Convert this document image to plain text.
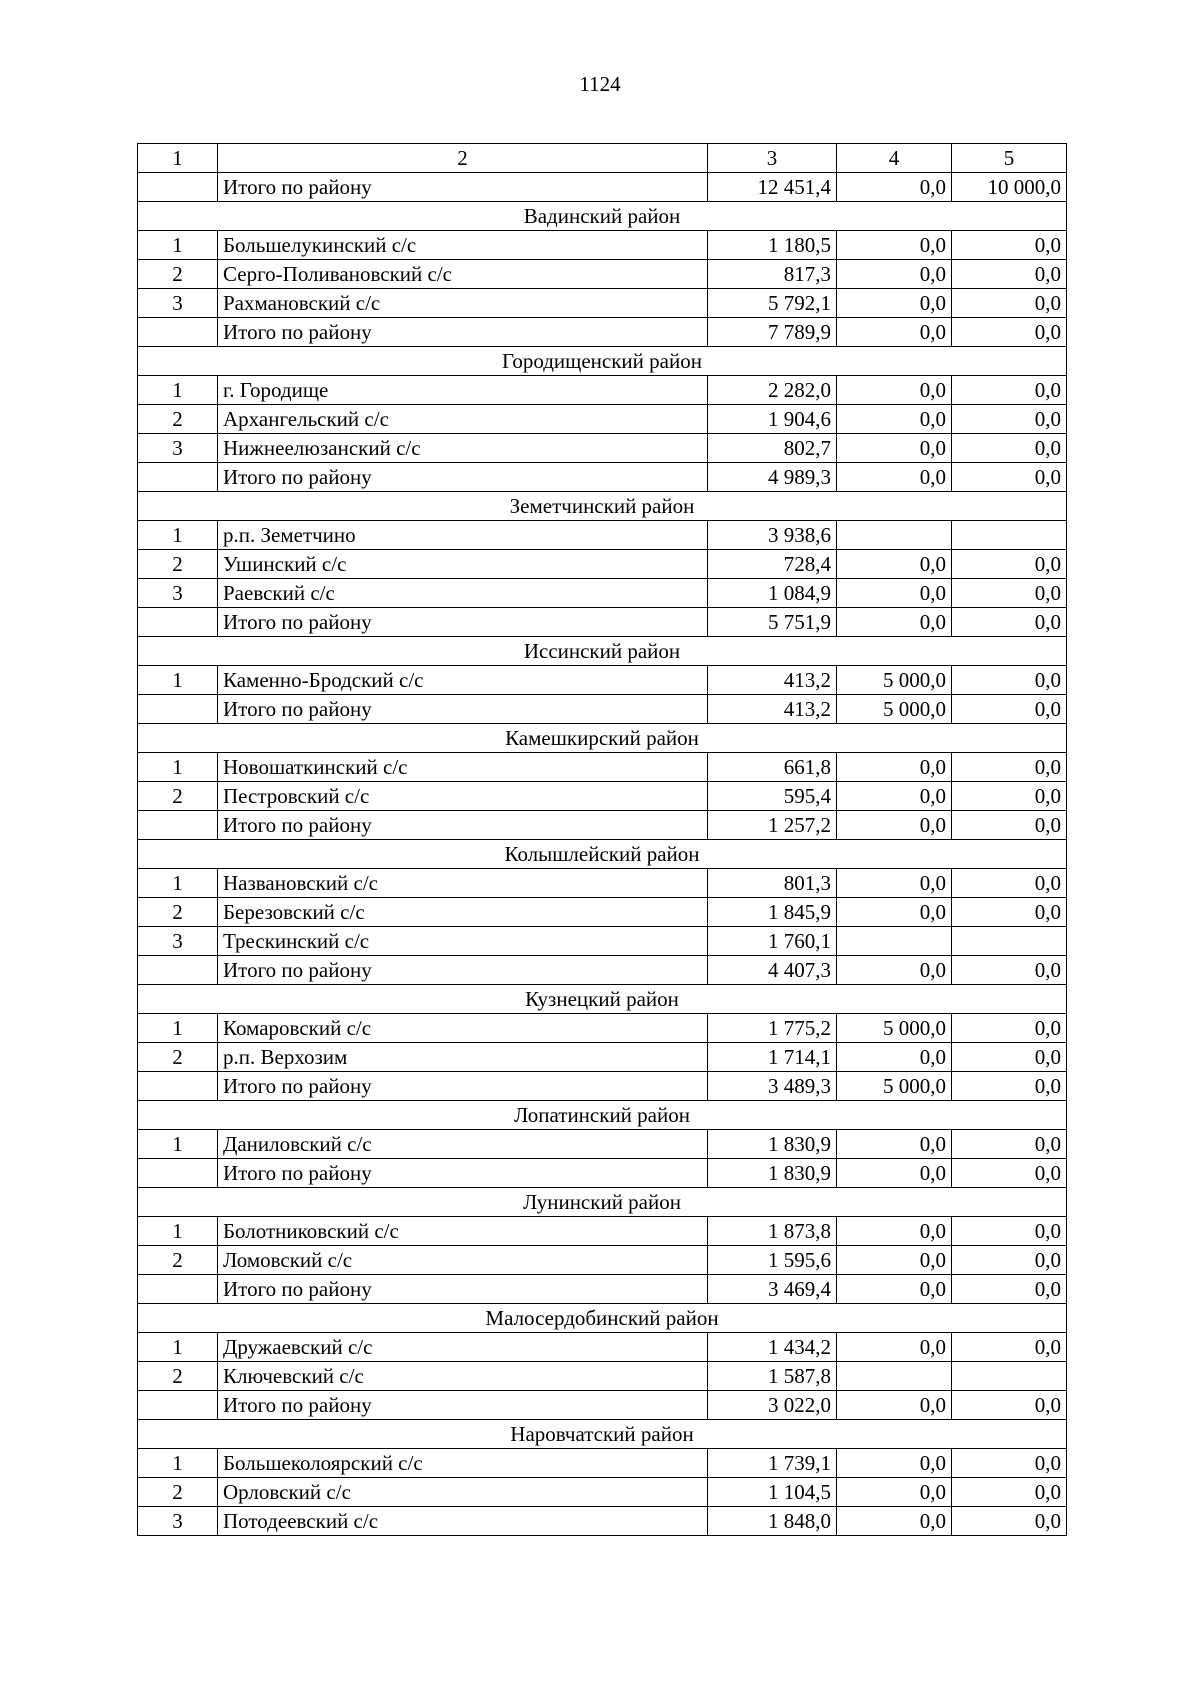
1124
1	2	3	4	5
	Итого по району	12 451,4	0,0	10 000,0
Вадинский район				
1	Большелукинский с/с	1 180,5	0,0	0,0
2	Серго-Поливановский с/с	817,3	0,0	0,0
3	Рахмановский с/с	5 792,1	0,0	0,0
	Итого по району	7 789,9	0,0	0,0
Городищенский район				
1	г. Городище	2 282,0	0,0	0,0
2	Архангельский с/с	1 904,6	0,0	0,0
3	Нижнеелюзанский с/с	802,7	0,0	0,0
	Итого по району	4 989,3	0,0	0,0
Земетчинский район				
1	р.п. Земетчино	3 938,6		
2	Ушинский с/с	728,4	0,0	0,0
3	Раевский с/с	1 084,9	0,0	0,0
	Итого по району	5 751,9	0,0	0,0
Иссинский район				
1	Каменно-Бродский с/с	413,2	5 000,0	0,0
	Итого по району	413,2	5 000,0	0,0
Камешкирский район				
1	Новошаткинский с/с	661,8	0,0	0,0
2	Пестровский с/с	595,4	0,0	0,0
	Итого по району	1 257,2	0,0	0,0
Колышлейский район				
1	Названовский с/с	801,3	0,0	0,0
2	Березовский с/с	1 845,9	0,0	0,0
3	Трескинский с/с	1 760,1		
	Итого по району	4 407,3	0,0	0,0
Кузнецкий район				
1	Комаровский с/с	1 775,2	5 000,0	0,0
2	р.п. Верхозим	1 714,1	0,0	0,0
	Итого по району	3 489,3	5 000,0	0,0
Лопатинский район				
1	Даниловский с/с	1 830,9	0,0	0,0
	Итого по району	1 830,9	0,0	0,0
Лунинский район				
1	Болотниковский с/с	1 873,8	0,0	0,0
2	Ломовский с/с	1 595,6	0,0	0,0
	Итого по району	3 469,4	0,0	0,0
Малосердобинский район				
1	Дружаевский с/с	1 434,2	0,0	0,0
2	Ключевский с/с	1 587,8		
	Итого по району	3 022,0	0,0	0,0
Наровчатский район				
1	Большеколоярский с/с	1 739,1	0,0	0,0
2	Орловский с/с	1 104,5	0,0	0,0
3	Потодеевский с/с	1 848,0	0,0	0,0
